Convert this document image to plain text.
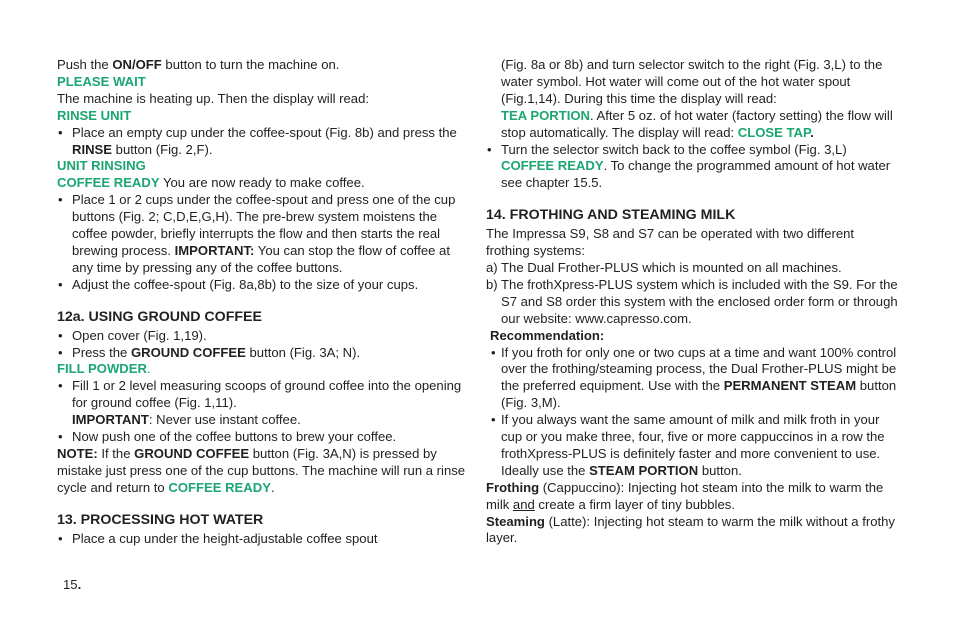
Push the ON/OFF button to turn the machine on.

PLEASE WAIT

The machine is heating up. Then the display will read:

RINSE UNIT

• Place an empty cup under the coffee-spout (Fig. 8b) and press the RINSE button (Fig. 2,F).

UNIT RINSING

COFFEE READY You are now ready to make coffee.

• Place 1 or 2 cups under the coffee-spout and press one of the cup buttons (Fig. 2; C,D,E,G,H). The pre-brew system moistens the coffee powder, briefly interrupts the flow and then starts the real brewing process. IMPORTANT: You can stop the flow of coffee at any time by pressing any of the coffee buttons.

• Adjust the coffee-spout (Fig. 8a,8b) to the size of your cups.

12a. USING GROUND COFFEE

• Open cover (Fig. 1,19).

• Press the GROUND COFFEE button (Fig. 3A; N).

FILL POWDER.

• Fill 1 or 2 level measuring scoops of ground coffee into the opening for ground coffee (Fig. 1,11).

IMPORTANT: Never use instant coffee.

• Now push one of the coffee buttons to brew your coffee.

NOTE: If the GROUND COFFEE button (Fig. 3A,N) is pressed by mistake just press one of the cup buttons. The machine will run a rinse cycle and return to COFFEE READY.

13. PROCESSING HOT WATER

• Place a cup under the height-adjustable coffee spout

(Fig. 8a or 8b) and turn selector switch to the right (Fig. 3,L) to the water symbol. Hot water will come out of the hot water spout (Fig.1,14). During this time the display will read:

TEA PORTION. After 5 oz. of hot water (factory setting) the flow will stop automatically. The display will read: CLOSE TAP.

• Turn the selector switch back to the coffee symbol (Fig. 3,L) COFFEE READY. To change the programmed amount of hot water see chapter 15.5.

14. FROTHING AND STEAMING MILK

The Impressa S9, S8 and S7 can be operated with two different frothing systems:

a) The Dual Frother-PLUS which is mounted on all machines.

b) The frothXpress-PLUS system which is included with the S9. For the S7 and S8 order this system with the enclosed order form or through our website: www.capresso.com.

Recommendation:

• If you froth for only one or two cups at a time and want 100% control over the frothing/steaming process, the Dual Frother-PLUS might be the preferred equipment. Use with the PERMANENT STEAM button (Fig. 3,M).

• If you always want the same amount of milk and milk froth in your cup or you make three, four, five or more cappuccinos in a row the frothXpress-PLUS is definitely faster and more convenient to use. Ideally use the STEAM PORTION button.

Frothing (Cappuccino): Injecting hot steam into the milk to warm the milk and create a firm layer of tiny bubbles.

Steaming (Latte): Injecting hot steam to warm the milk without a frothy layer.

15.
